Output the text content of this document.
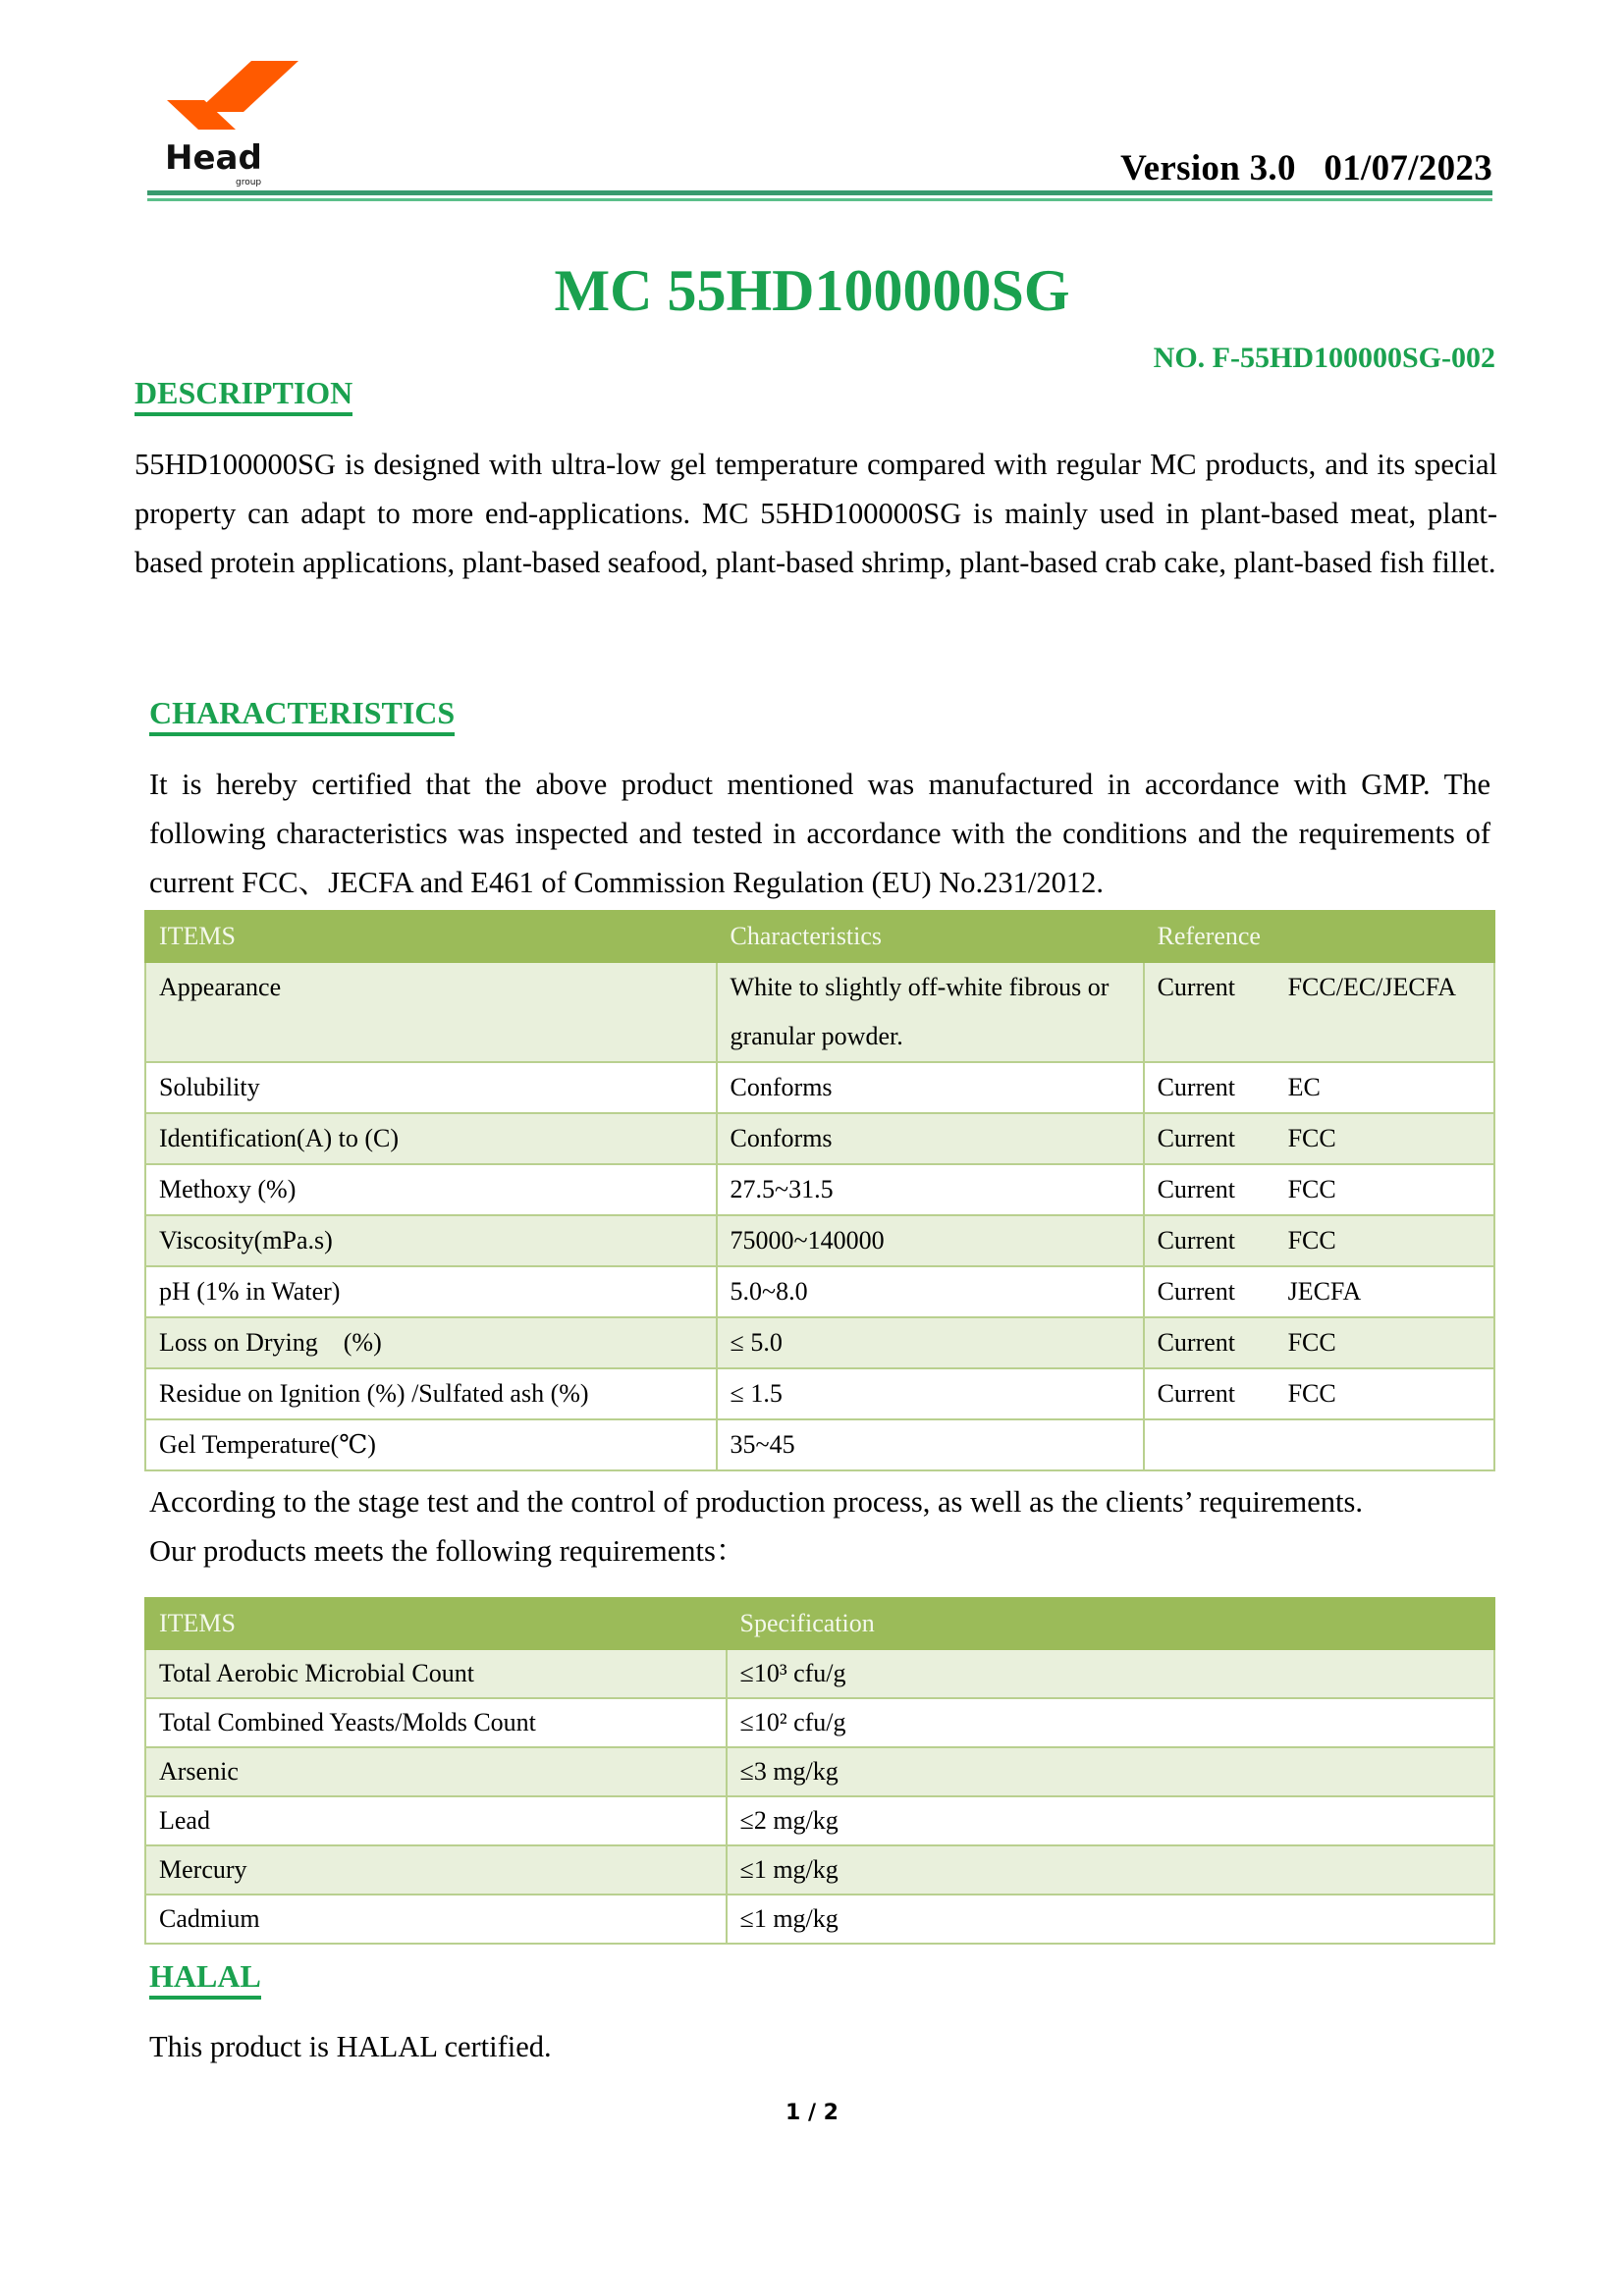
Head
group	Version 3.0   01/07/2023
MC 55HD100000SG
NO. F-55HD100000SG-002
DESCRIPTION
55HD100000SG is designed with ultra-low gel temperature compared with regular MC products, and its special property can adapt to more end-applications. MC 55HD100000SG is mainly used in plant-based meat, plant-based protein applications, plant-based seafood, plant-based shrimp, plant-based crab cake, plant-based fish fillet.
CHARACTERISTICS
It is hereby certified that the above product mentioned was manufactured in accordance with GMP. The following characteristics was inspected and tested in accordance with the conditions and the requirements of current FCC、JECFA and E461 of Commission Regulation (EU) No.231/2012.
ITEMS	Characteristics	Reference
Appearance	White to slightly off-white fibrous or granular powder.	Current FCC/EC/JECFA
Solubility	Conforms	Current EC
Identification(A) to (C)	Conforms	Current FCC
Methoxy (%)	27.5~31.5	Current FCC
Viscosity(mPa.s)	75000~140000	Current FCC
pH (1% in Water)	5.0~8.0	Current JECFA
Loss on Drying    (%)	≤ 5.0	Current FCC
Residue on Ignition (%) /Sulfated ash (%)	≤ 1.5	Current FCC
Gel Temperature(℃)	35~45	
According to the stage test and the control of production process, as well as the clients’ requirements.
Our products meets the following requirements：
ITEMS	Specification
Total Aerobic Microbial Count	≤10³ cfu/g
Total Combined Yeasts/Molds Count	≤10² cfu/g
Arsenic	≤3 mg/kg
Lead	≤2 mg/kg
Mercury	≤1 mg/kg
Cadmium	≤1 mg/kg
HALAL
This product is HALAL certified.
1 / 2
